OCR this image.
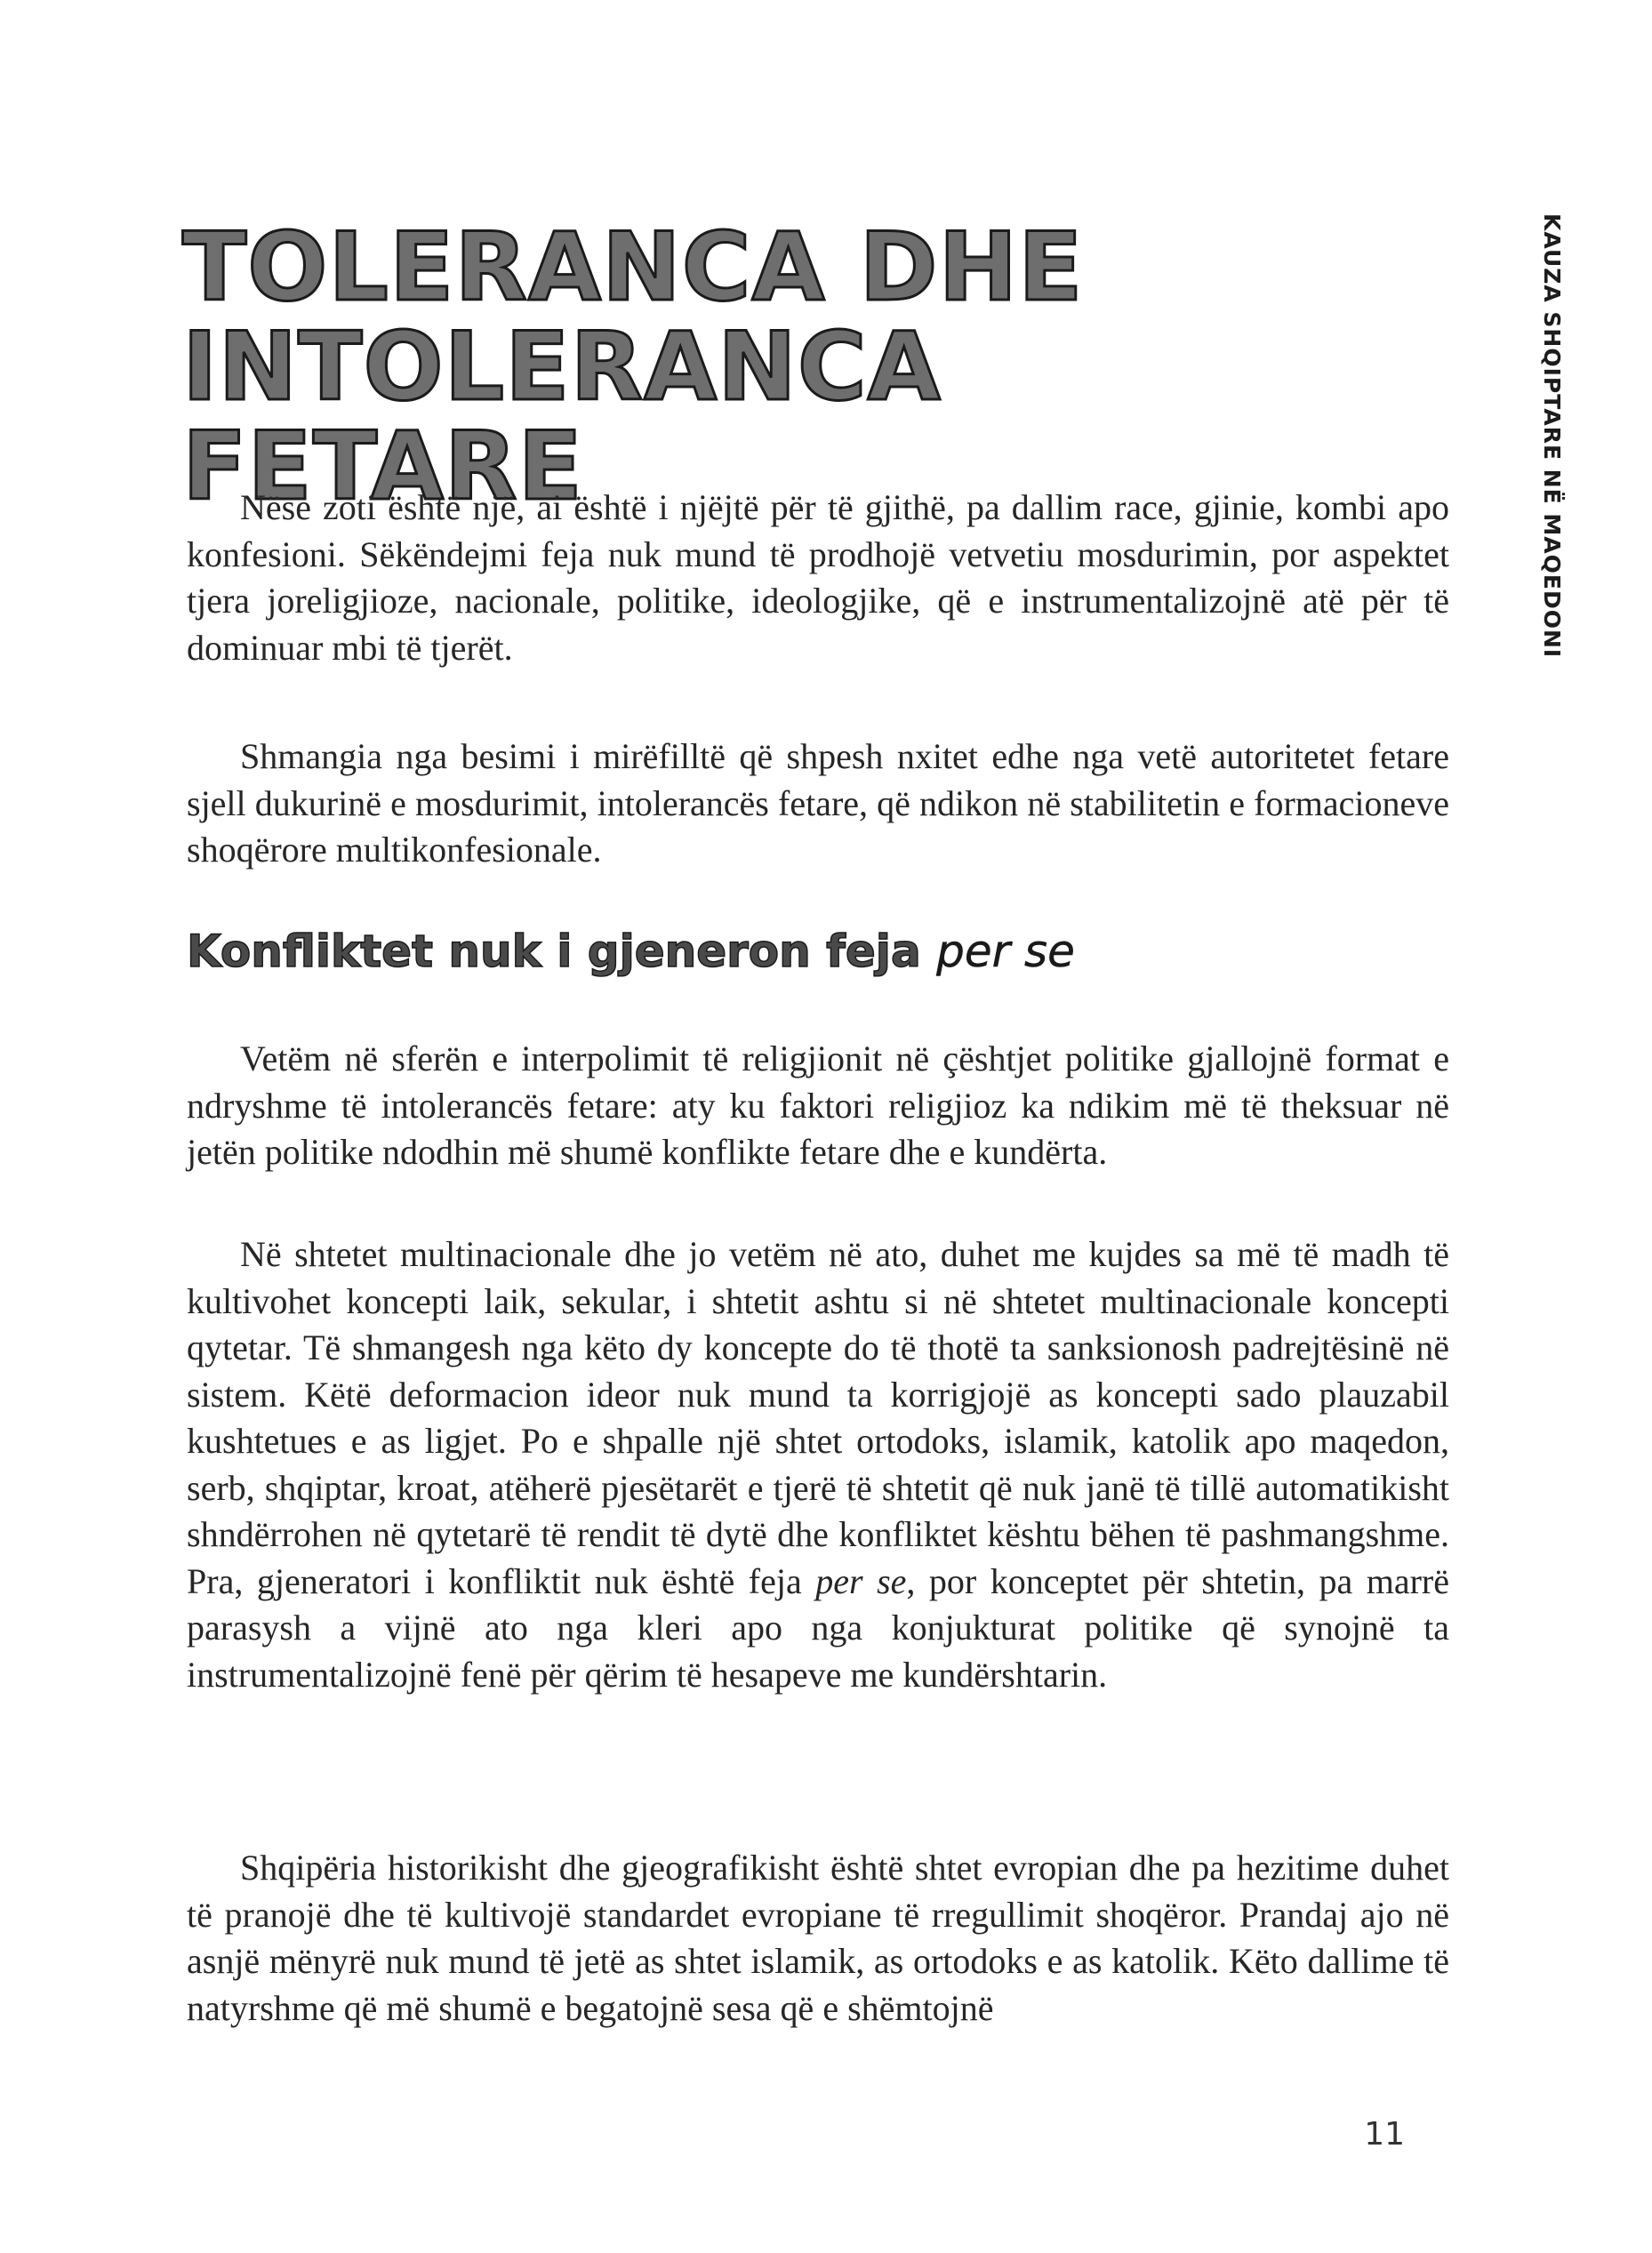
TOLERANCA DHE
INTOLERANCA FETARE	KAUZA SHQIPTARE NË MAQEDONI

Nëse zoti është një, ai është i njëjtë për të gjithë, pa dallim race, gjinie, kombi apo konfesioni. Sëkëndejmi feja nuk mund të prodhojë vetvetiu mosdurimin, por aspektet tjera joreligjioze, nacionale, politike, ideologjike, që e instrumentalizojnë atë për të dominuar mbi të tjerët.

Shmangia nga besimi i mirëfilltë që shpesh nxitet edhe nga vetë autoritetet fetare sjell dukurinë e mosdurimit, intolerancës fetare, që ndikon në stabilitetin e formacioneve shoqërore multikonfesionale.

Konfliktet nuk i gjeneron feja per se

Vetëm në sferën e interpolimit të religjionit në çështjet politike gjallojnë format e ndryshme të intolerancës fetare: aty ku faktori religjioz ka ndikim më të theksuar në jetën politike ndodhin më shumë konflikte fetare dhe e kundërta.

Në shtetet multinacionale dhe jo vetëm në ato, duhet me kujdes sa më të madh të kultivohet koncepti laik, sekular, i shtetit ashtu si në shtetet multinacionale koncepti qytetar. Të shmangesh nga këto dy koncepte do të thotë ta sanksionosh padrejtësinë në sistem. Këtë deformacion ideor nuk mund ta korrigjojë as koncepti sado plauzabil kushtetues e as ligjet. Po e shpalle një shtet ortodoks, islamik, katolik apo maqedon, serb, shqiptar, kroat, atëherë pjesëtarët e tjerë të shtetit që nuk janë të tillë automatikisht shndërrohen në qytetarë të rendit të dytë dhe konfliktet kështu bëhen të pashmangshme. Pra, gjeneratori i konfliktit nuk është feja per se, por konceptet për shtetin, pa marrë parasysh a vijnë ato nga kleri apo nga konjukturat politike që synojnë ta instrumentalizojnë fenë për qërim të hesapeve me kundërshtarin.

Shqipëria historikisht dhe gjeografikisht është shtet evropian dhe pa hezitime duhet të pranojë dhe të kultivojë standardet evropiane të rregullimit shoqëror. Prandaj ajo në asnjë mënyrë nuk mund të jetë as shtet islamik, as ortodoks e as katolik. Këto dallime të natyrshme që më shumë e begatojnë sesa që e shëmtojnë

11
